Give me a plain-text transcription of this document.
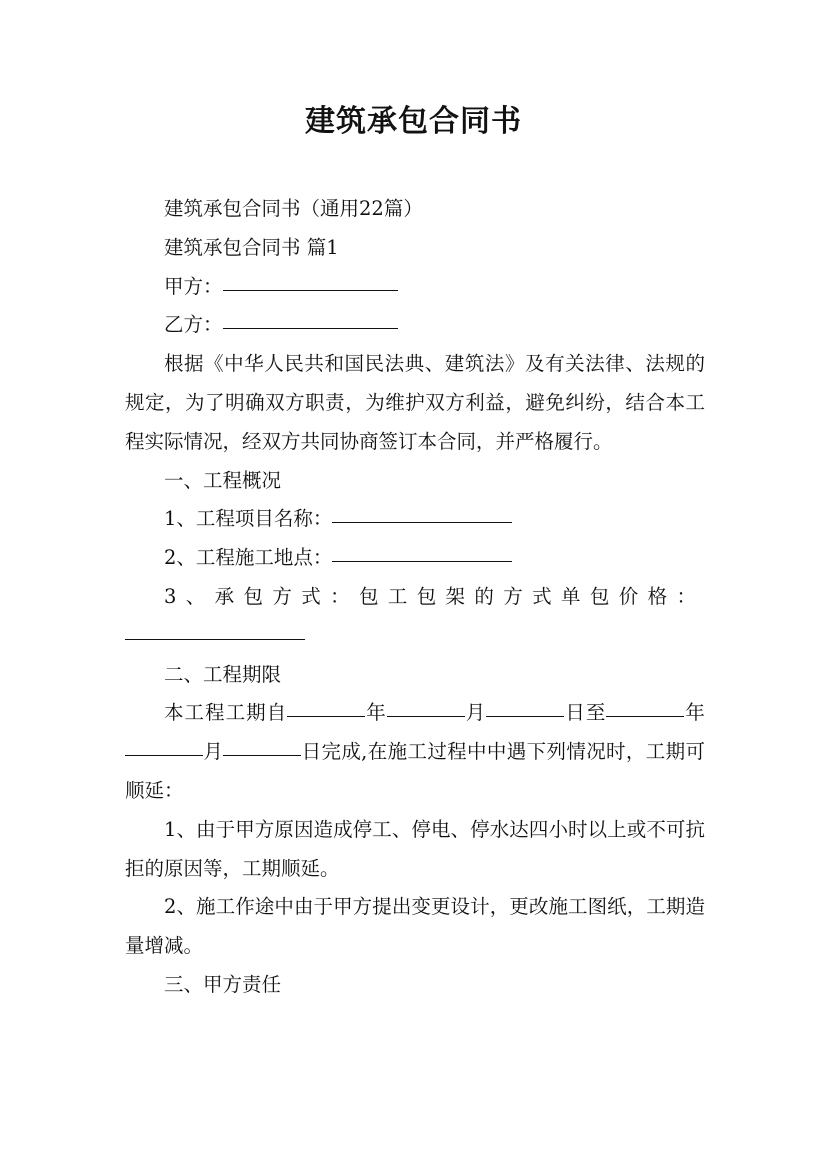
建筑承包合同书

建筑承包合同书（通用22篇）

建筑承包合同书 篇1

甲方：

乙方：

根据《中华人民共和国民法典、建筑法》及有关法律、法规的规定，为了明确双方职责，为维护双方利益，避免纠纷，结合本工程实际情况，经双方共同协商签订本合同，并严格履行。

一、工程概况

1、工程项目名称：

2、工程施工地点：

3、承包方式：包工包架的方式单包价格：

二、工程期限

本工程工期自	年	月	日至	年月	日完成,在施工过程中中遇下列情况时，工期可顺延：

1、由于甲方原因造成停工、停电、停水达四小时以上或不可抗拒的原因等，工期顺延。

2、施工作途中由于甲方提出变更设计，更改施工图纸，工期造量增减。

三、甲方责任
